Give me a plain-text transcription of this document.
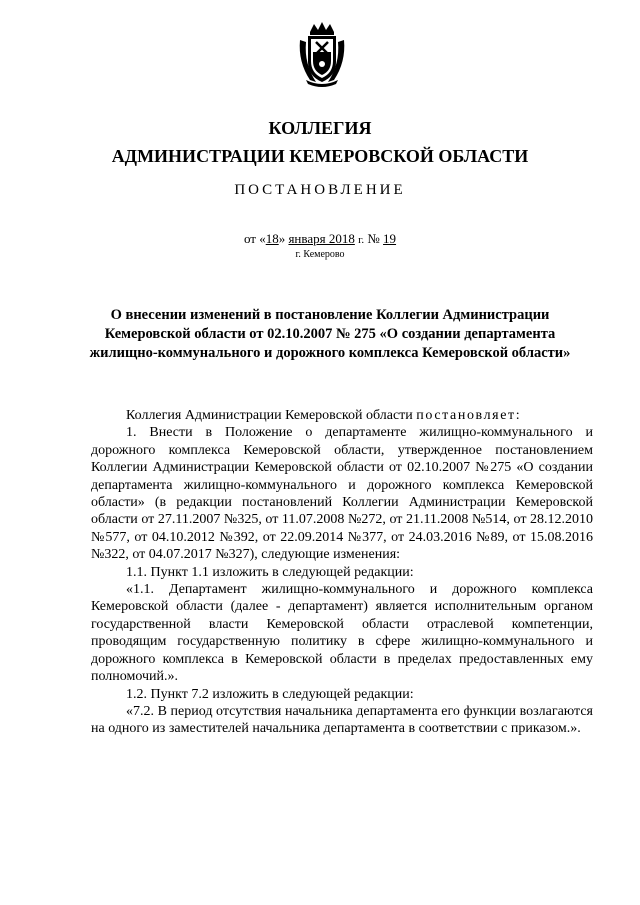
КОЛЛЕГИЯ
АДМИНИСТРАЦИИ КЕМЕРОВСКОЙ ОБЛАСТИ
ПОСТАНОВЛЕНИЕ
от «18» января 2018 г. № 19
г. Кемерово
О внесении изменений в постановление Коллегии Администрации Кемеровской области от 02.10.2007 № 275 «О создании департамента жилищно-коммунального и дорожного комплекса Кемеровской области»

Коллегия Администрации Кемеровской области постановляет:

1. Внести в Положение о департаменте жилищно-коммунального и дорожного комплекса Кемеровской области, утвержденное постановлением Коллегии Администрации Кемеровской области от 02.10.2007 №275 «О создании департамента жилищно-коммунального и дорожного комплекса Кемеровской области» (в редакции постановлений Коллегии Администрации Кемеровской области от 27.11.2007 №325, от 11.07.2008 №272, от 21.11.2008 №514, от 28.12.2010 №577, от 04.10.2012 №392, от 22.09.2014 №377, от 24.03.2016 №89, от 15.08.2016 №322, от 04.07.2017 №327), следующие изменения:

1.1. Пункт 1.1 изложить в следующей редакции:

«1.1. Департамент жилищно-коммунального и дорожного комплекса Кемеровской области (далее - департамент) является исполнительным органом государственной власти Кемеровской области отраслевой компетенции, проводящим государственную политику в сфере жилищно-коммунального и дорожного комплекса в Кемеровской области в пределах предоставленных ему полномочий.».

1.2. Пункт 7.2 изложить в следующей редакции:

«7.2. В период отсутствия начальника департамента его функции возлагаются на одного из заместителей начальника департамента в соответствии с приказом.».
